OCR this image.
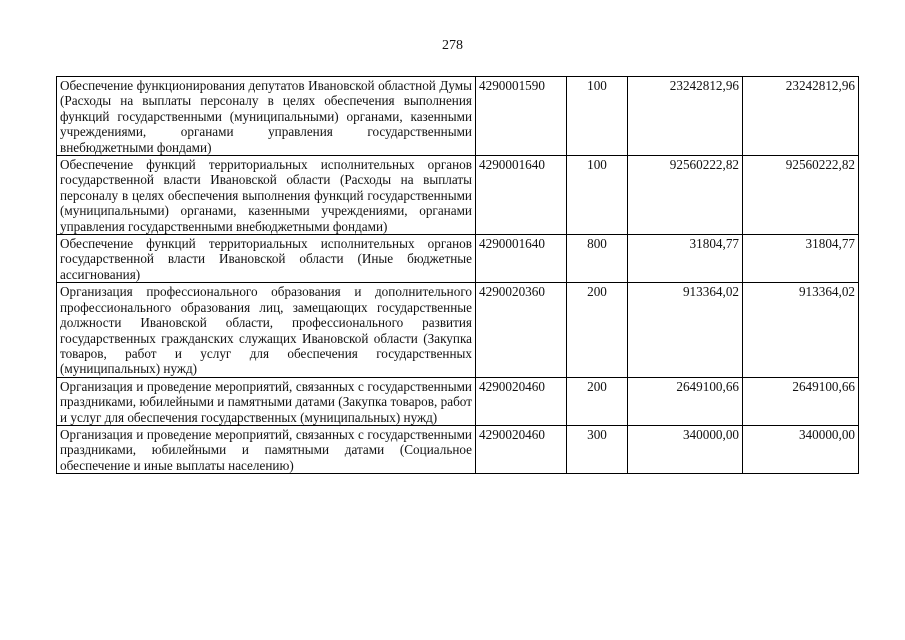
278
Обеспечение функционирования депутатов Ивановской областной Думы (Расходы на выплаты персоналу в целях обеспечения выполнения функций государственными (муниципальными) органами, казенными учреждениями, органами управления государственными внебюджетными фондами)	4290001590	100	23242812,96	23242812,96
Обеспечение функций территориальных исполнительных органов государственной власти Ивановской области (Расходы на выплаты персоналу в целях обеспечения выполнения функций государственными (муниципальными) органами, казенными учреждениями, органами управления государственными внебюджетными фондами)	4290001640	100	92560222,82	92560222,82
Обеспечение функций территориальных исполнительных органов государственной власти Ивановской области (Иные бюджетные ассигнования)	4290001640	800	31804,77	31804,77
Организация профессионального образования и дополнительного профессионального образования лиц, замещающих государственные должности Ивановской области, профессионального развития государственных гражданских служащих Ивановской области (Закупка товаров, работ и услуг для обеспечения государственных (муниципальных) нужд)	4290020360	200	913364,02	913364,02
Организация и проведение мероприятий, связанных с государственными праздниками, юбилейными и памятными датами (Закупка товаров, работ и услуг для обеспечения государственных (муниципальных) нужд)	4290020460	200	2649100,66	2649100,66
Организация и проведение мероприятий, связанных с государственными праздниками, юбилейными и памятными датами (Социальное обеспечение и иные выплаты населению)	4290020460	300	340000,00	340000,00
